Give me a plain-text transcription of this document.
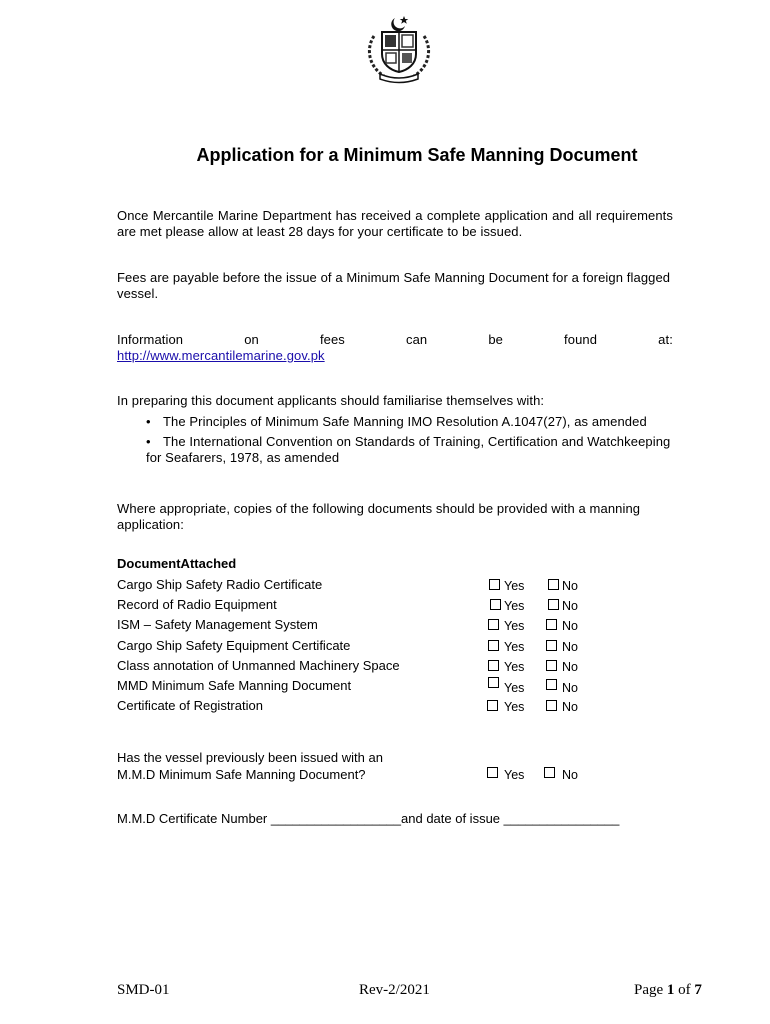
Application for a Minimum Safe Manning Document
Once Mercantile Marine Department has received a complete application and all requirements are met please allow at least 28 days for your certificate to be issued.
Fees are payable before the issue of a Minimum Safe Manning Document for a foreign flagged vessel.
Information	on	fees	can	be	found	at:
http://www.mercantilemarine.gov.pk
In preparing this document applicants should familiarise themselves with:
• The Principles of Minimum Safe Manning IMO Resolution A.1047(27), as amended
• The International Convention on Standards of Training, Certification and Watchkeeping
for Seafarers, 1978, as amended
Where appropriate, copies of the following documents should be provided with a manning application:
DocumentAttached
Cargo Ship Safety Radio Certificate	Yes	No
Record of Radio Equipment	Yes	No
ISM – Safety Management System	Yes	No
Cargo Ship Safety Equipment Certificate	Yes	No
Class annotation of Unmanned Machinery Space	Yes	No
MMD Minimum Safe Manning Document	Yes	No
Certificate of Registration	Yes	No
Has the vessel previously been issued with an
M.M.D Minimum Safe Manning Document?	Yes	No
M.M.D Certificate Number __________________and date of issue ________________
SMD-01	Rev-2/2021	Page 1 of 7
